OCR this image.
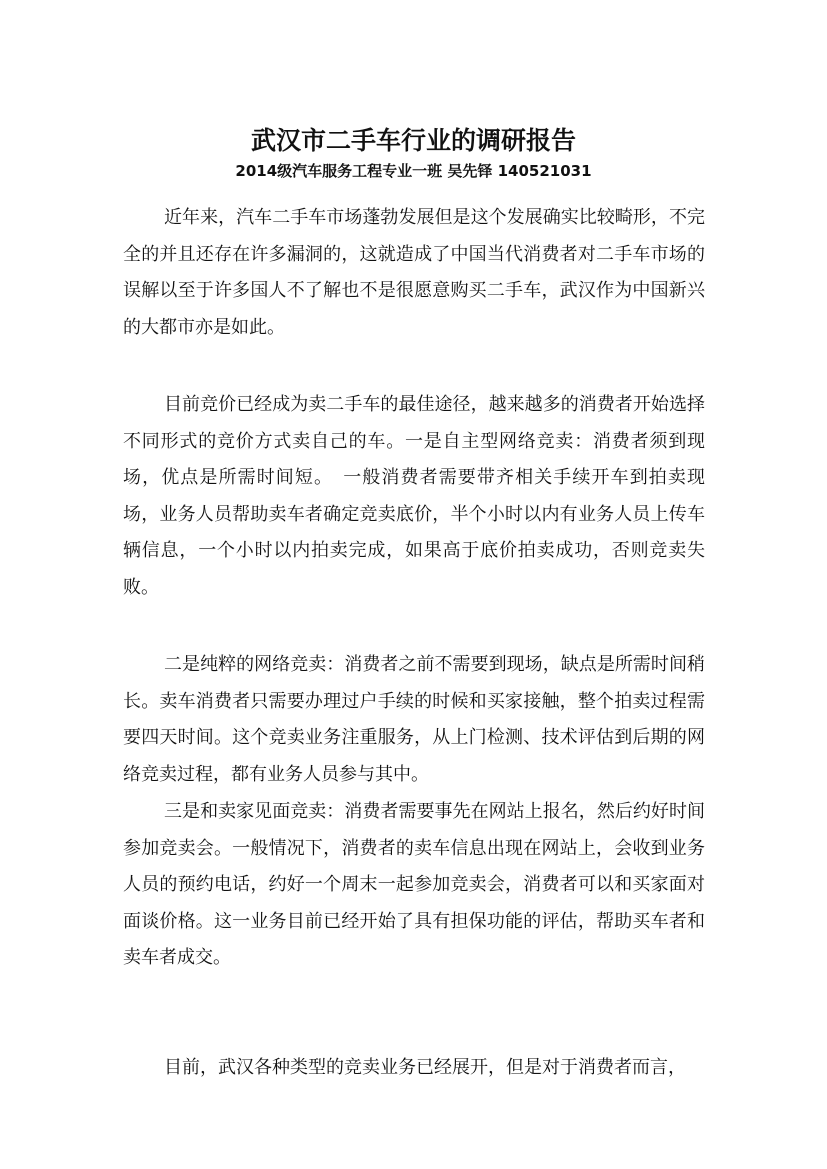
武汉市二手车行业的调研报告
2014级汽车服务工程专业一班 吴先铎 140521031

近年来，汽车二手车市场蓬勃发展但是这个发展确实比较畸形，不完全的并且还存在许多漏洞的，这就造成了中国当代消费者对二手车市场的误解以至于许多国人不了解也不是很愿意购买二手车，武汉作为中国新兴的大都市亦是如此。

目前竞价已经成为卖二手车的最佳途径，越来越多的消费者开始选择不同形式的竞价方式卖自己的车。一是自主型网络竞卖：消费者须到现场，优点是所需时间短。　一般消费者需要带齐相关手续开车到拍卖现场，业务人员帮助卖车者确定竞卖底价，半个小时以内有业务人员上传车辆信息，一个小时以内拍卖完成，如果高于底价拍卖成功，否则竞卖失败。

二是纯粹的网络竞卖：消费者之前不需要到现场，缺点是所需时间稍长。卖车消费者只需要办理过户手续的时候和买家接触，整个拍卖过程需要四天时间。这个竞卖业务注重服务，从上门检测、技术评估到后期的网络竞卖过程，都有业务人员参与其中。

三是和卖家见面竞卖：消费者需要事先在网站上报名，然后约好时间参加竞卖会。一般情况下，消费者的卖车信息出现在网站上，会收到业务人员的预约电话，约好一个周末一起参加竞卖会，消费者可以和买家面对面谈价格。这一业务目前已经开始了具有担保功能的评估，帮助买车者和卖车者成交。

目前，武汉各种类型的竞卖业务已经展开，但是对于消费者而言，
